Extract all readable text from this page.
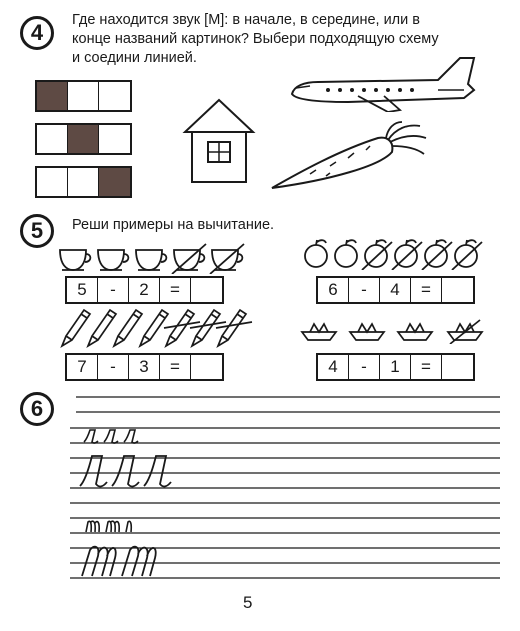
4 Где находится звук [М]: в начале, в середине, или в
конце названий картинок? Выбери подходящую схему
и соедини линией.
5 Реши примеры на вычитание.
5	-	2	=	6	-	4	=
7	-	3	=	4	-	1	=
6
5
